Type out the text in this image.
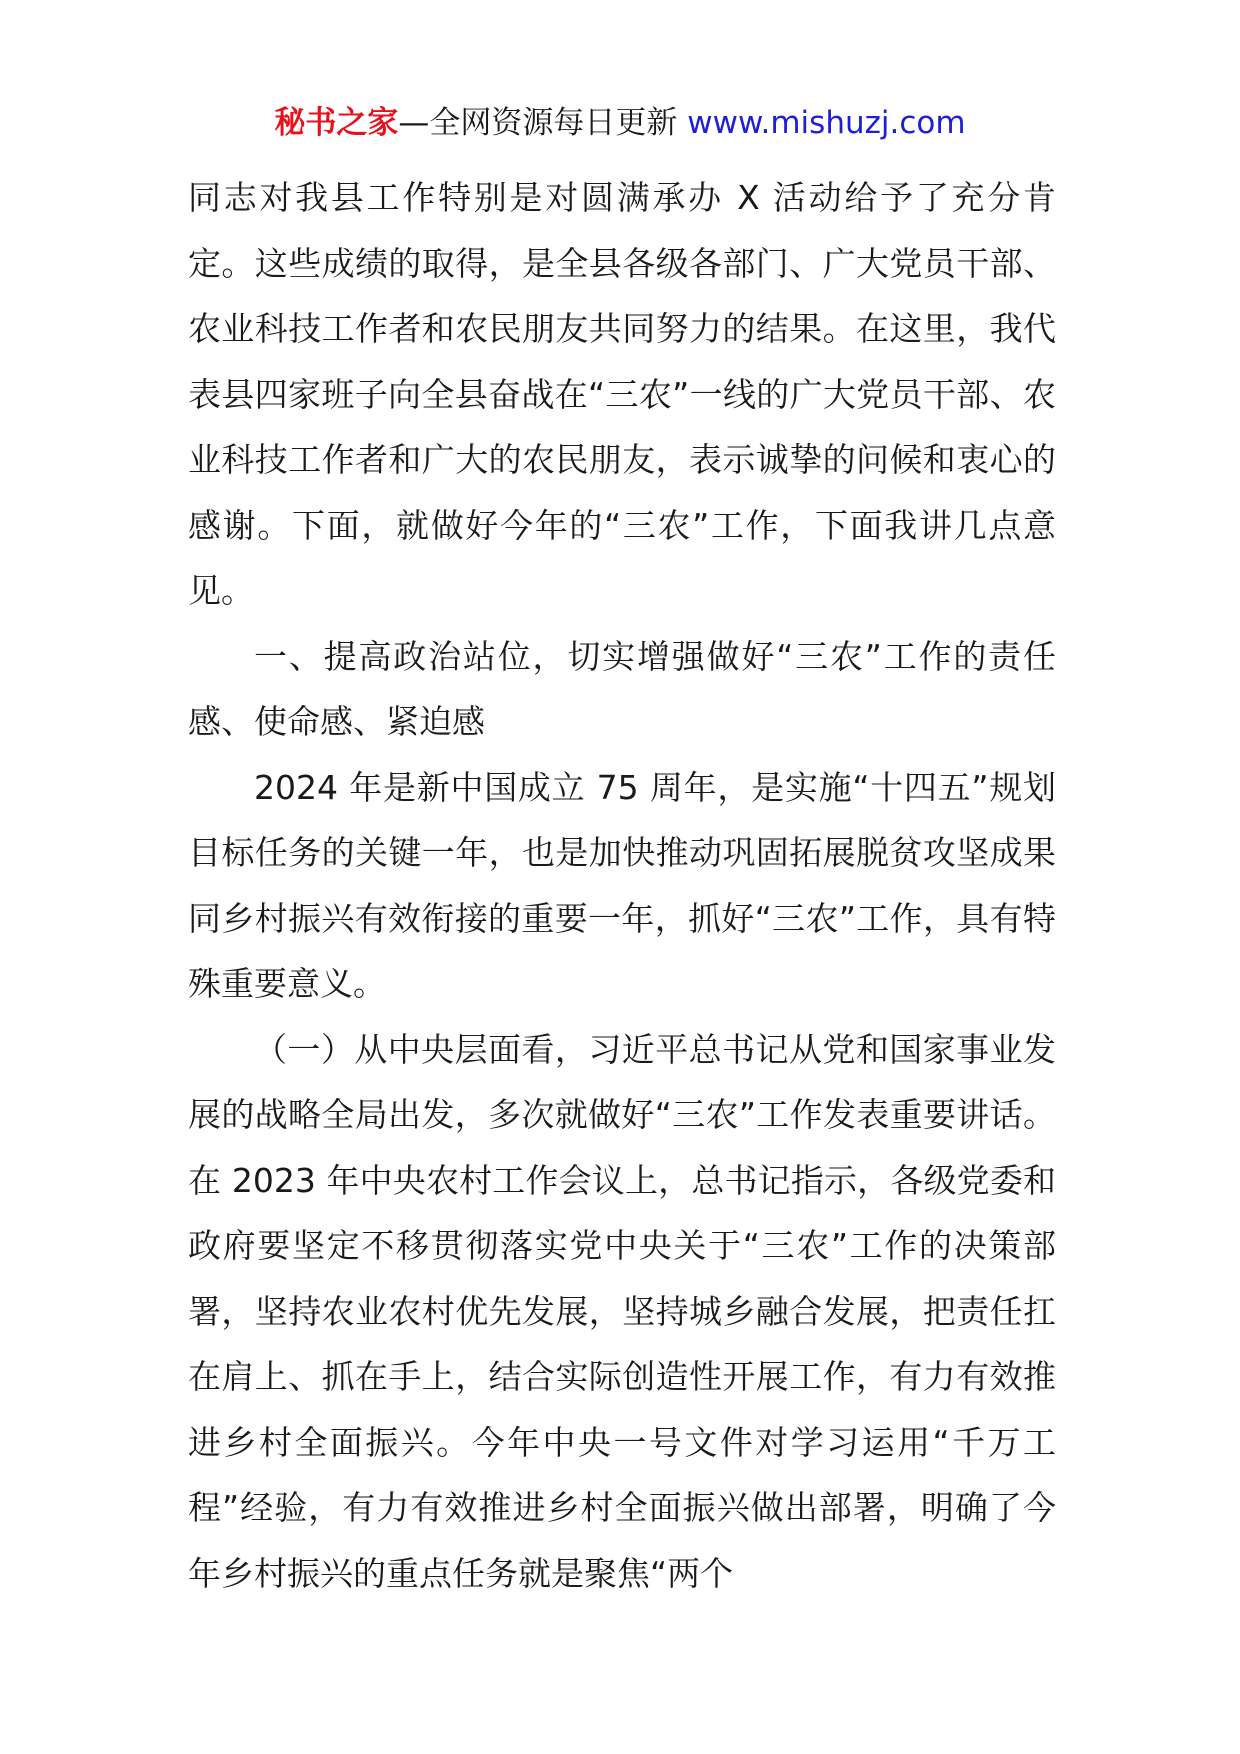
秘书之家—全网资源每日更新 www.mishuzj.com

同志对我县工作特别是对圆满承办 X 活动给予了充分肯定。这些成绩的取得，是全县各级各部门、广大党员干部、农业科技工作者和农民朋友共同努力的结果。在这里，我代表县四家班子向全县奋战在“三农”一线的广大党员干部、农业科技工作者和广大的农民朋友，表示诚挚的问候和衷心的感谢。下面，就做好今年的“三农”工作，下面我讲几点意见。

一、提高政治站位，切实增强做好“三农”工作的责任感、使命感、紧迫感

2024 年是新中国成立 75 周年，是实施“十四五”规划目标任务的关键一年，也是加快推动巩固拓展脱贫攻坚成果同乡村振兴有效衔接的重要一年，抓好“三农”工作，具有特殊重要意义。

（一）从中央层面看，习近平总书记从党和国家事业发展的战略全局出发，多次就做好“三农”工作发表重要讲话。在 2023 年中央农村工作会议上，总书记指示，各级党委和政府要坚定不移贯彻落实党中央关于“三农”工作的决策部署，坚持农业农村优先发展，坚持城乡融合发展，把责任扛在肩上、抓在手上，结合实际创造性开展工作，有力有效推进乡村全面振兴。今年中央一号文件对学习运用“千万工程”经验，有力有效推进乡村全面振兴做出部署，明确了今年乡村振兴的重点任务就是聚焦“两个
